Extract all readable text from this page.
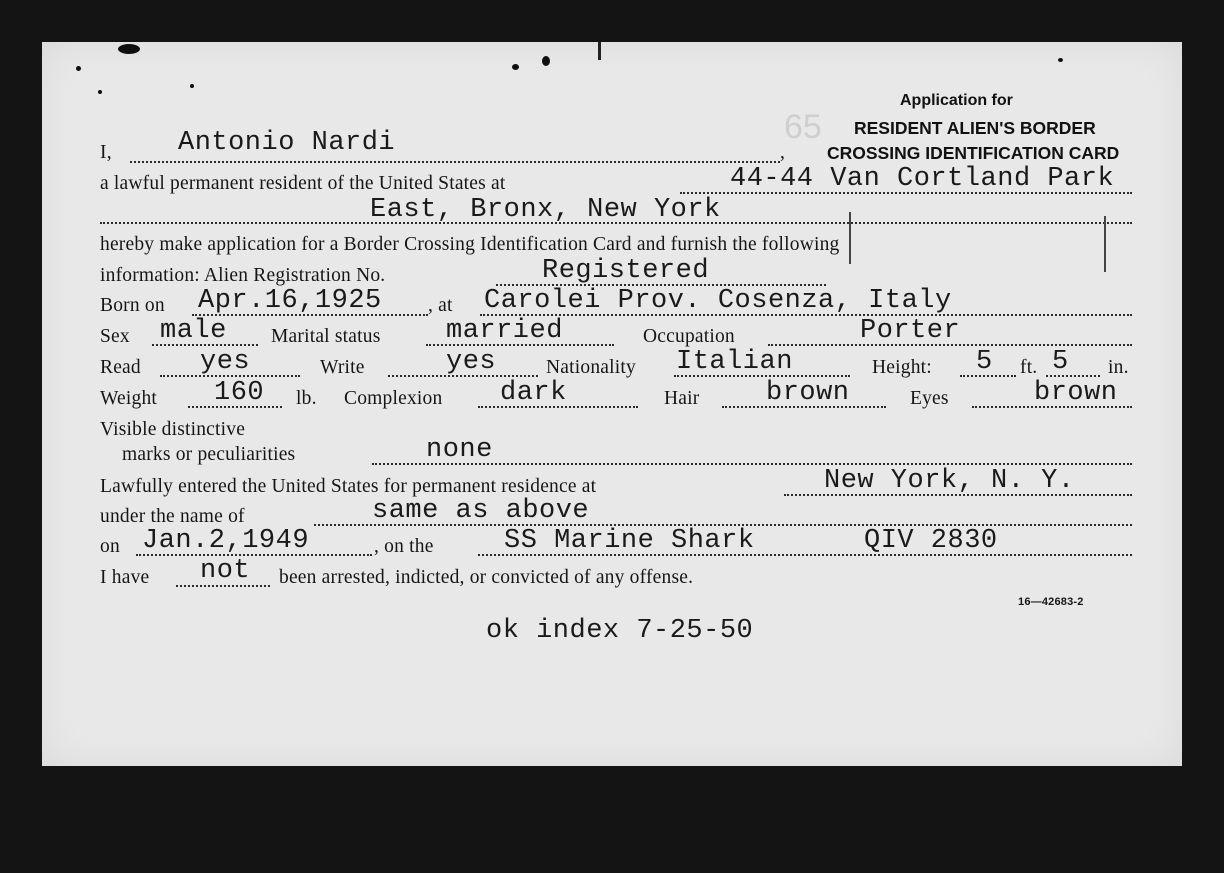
Application for
RESIDENT ALIEN'S BORDER
CROSSING IDENTIFICATION CARD
65
I, Antonio Nardi	,
a lawful permanent resident of the United States at	44-44 Van Cortland Park
East, Bronx, New York
hereby make application for a Border Crossing Identification Card and furnish the following
information: Alien Registration No.	Registered
Born on Apr.16,1925 , at Carolei Prov. Cosenza, Italy
Sex male Marital status married	Occupation	Porter
Read yes	Write	yes	Nationality Italian	Height: 5 ft. 5 in.
Weight 160 lb. Complexion dark	Hair brown	Eyes	brown
Visible distinctive
marks or peculiarities	none
Lawfully entered the United States for permanent residence at	New York, N. Y.
under the name of	same as above
on Jan.2,1949	, on the	SS Marine Shark	QIV 2830
I have not been arrested, indicted, or convicted of any offense.
16—42683-2
ok index 7-25-50
